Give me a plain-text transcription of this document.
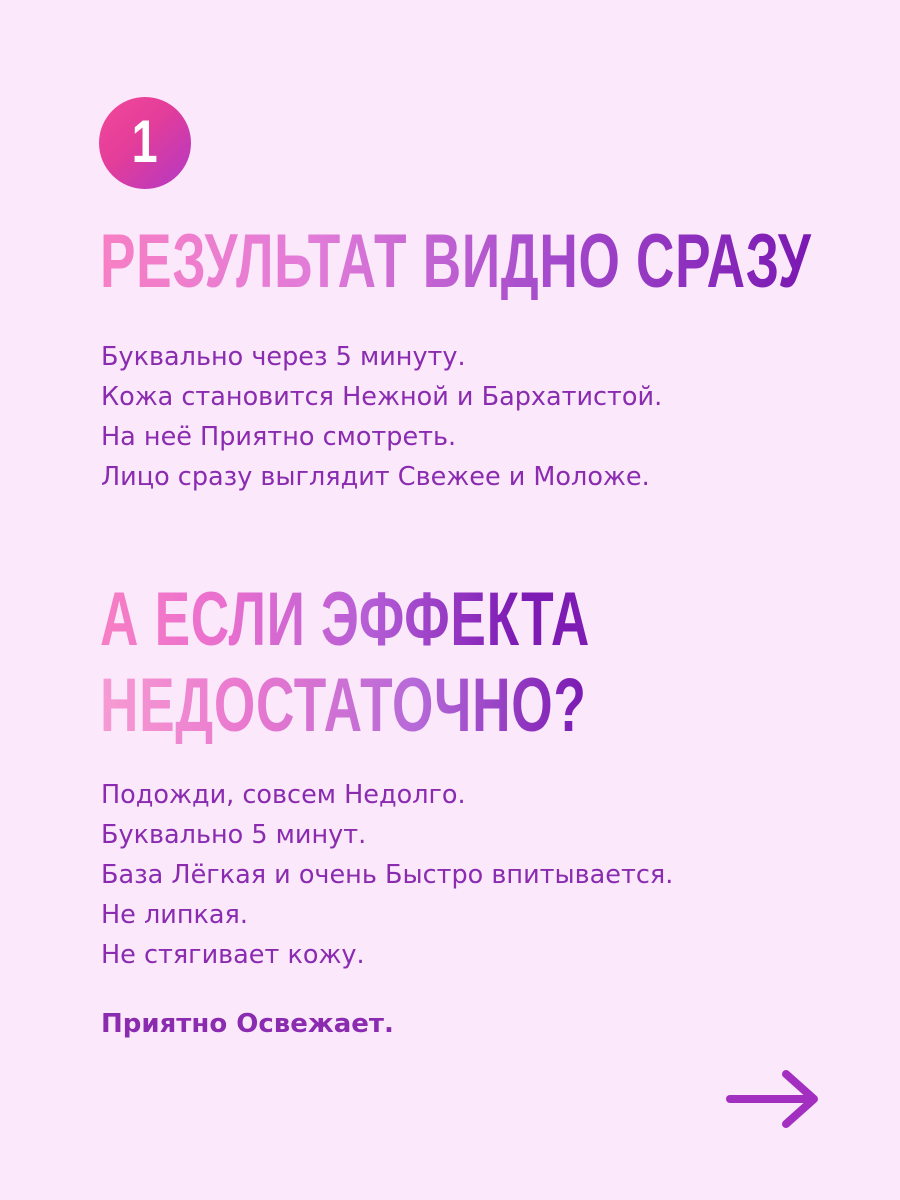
1
РЕЗУЛЬТАТ ВИДНО СРАЗУ
Буквально через 5 минуту.
Кожа становится Нежной и Бархатистой.
На неё Приятно смотреть.
Лицо сразу выглядит Свежее и Моложе.
А ЕСЛИ ЭФФЕКТА
НЕДОСТАТОЧНО?
Подожди, совсем Недолго.
Буквально 5 минут.
База Лёгкая и очень Быстро впитывается.
Не липкая.
Не стягивает кожу.
Приятно Освежает.
